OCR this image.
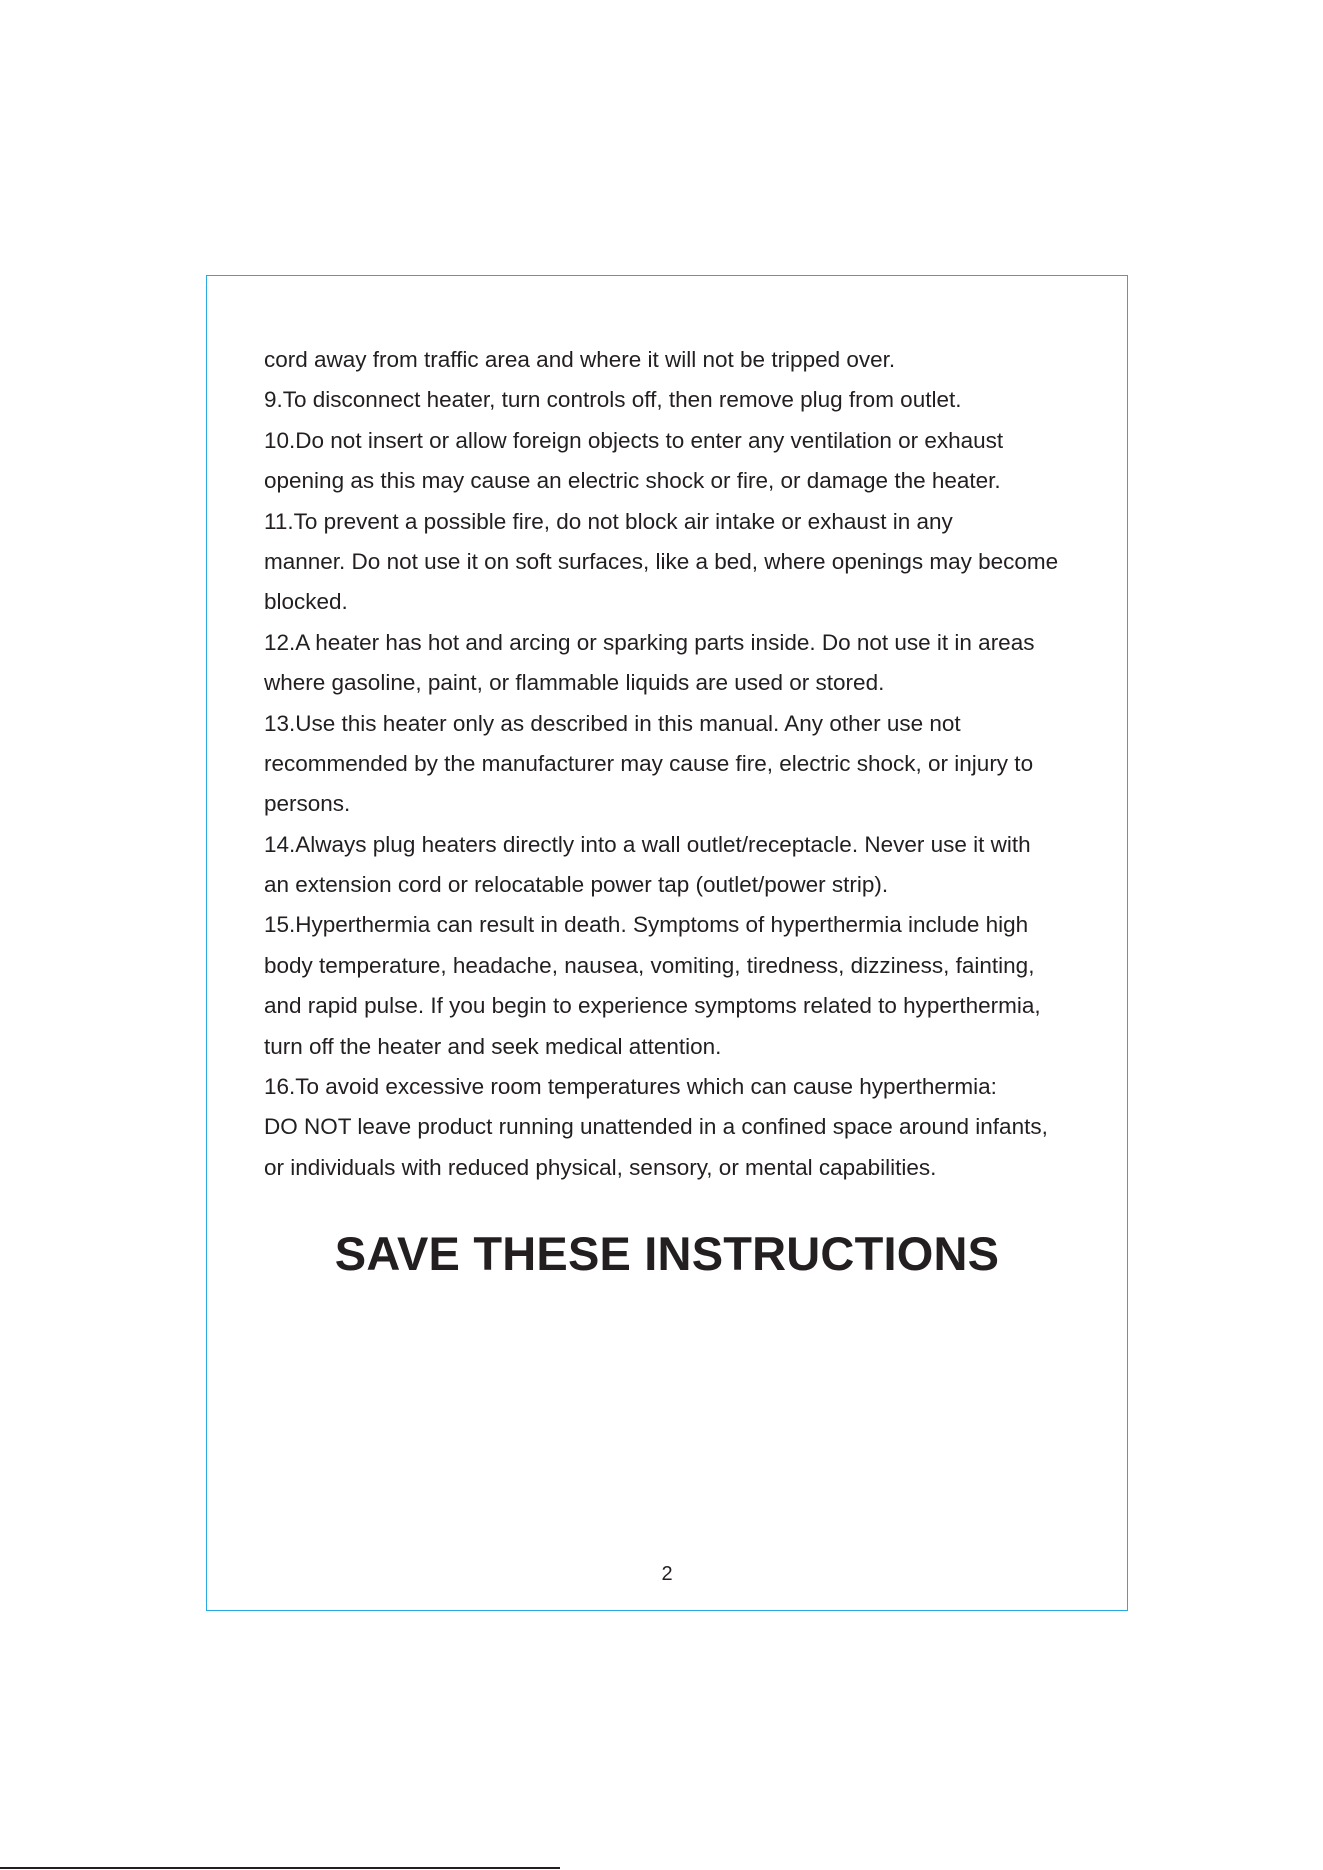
cord away from traffic area and where it will not be tripped over.
9.To disconnect heater, turn controls off, then remove plug from outlet.
10.Do not insert or allow foreign objects to enter any ventilation or exhaust
opening as this may cause an electric shock or fire, or damage the heater.
11.To prevent a possible fire, do not block air intake or exhaust in any
manner. Do not use it on soft surfaces, like a bed, where openings may become
blocked.
12.A heater has hot and arcing or sparking parts inside. Do not use it in areas
where gasoline, paint, or flammable liquids are used or stored.
13.Use this heater only as described in this manual. Any other use not
recommended by the manufacturer may cause fire, electric shock, or injury to
persons.
14.Always plug heaters directly into a wall outlet/receptacle. Never use it with
an extension cord or relocatable power tap (outlet/power strip).
15.Hyperthermia can result in death. Symptoms of hyperthermia include high
body temperature, headache, nausea, vomiting, tiredness, dizziness, fainting,
and rapid pulse. If you begin to experience symptoms related to hyperthermia,
turn off the heater and seek medical attention.
16.To avoid excessive room temperatures which can cause hyperthermia:
DO NOT leave product running unattended in a confined space around infants,
or individuals with reduced physical, sensory, or mental capabilities.
SAVE THESE INSTRUCTIONS
2
